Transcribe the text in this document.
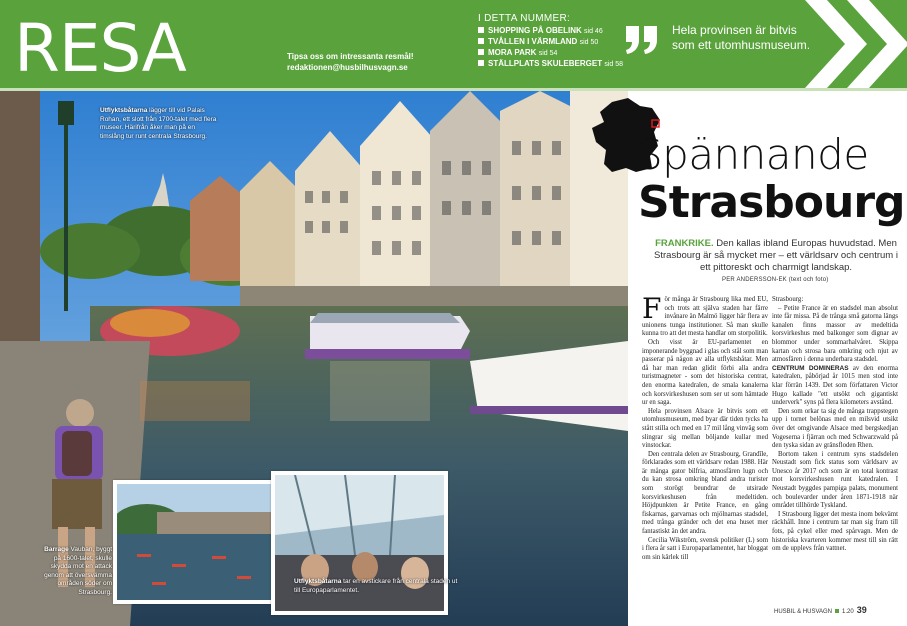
RESA	Tipsa oss om intressanta resmål!
redaktionen@husbilhusvagn.se
I DETTA NUMMER:
SHOPPING PÅ OBELINK sid 46
TVÅLLEN I VÄRMLAND sid 50
MORA PARK sid 54
STÄLLPLATS SKULEBERGET sid 58
Hela provinsen är bitvis som ett utomhusmuseum.
Utflyktsbåtarna lägger till vid Palais Rohan, ett slott från 1700-talet med flera museer. Härifrån åker man på en timslång tur runt centrala Strasbourg.
Barrage Vauban, byggt på 1600-talet, skulle skydda mot en attack genom att översvämma områden söder om Strasbourg.
Utflyktsbåtarna tar en avstickare från centrala staden ut till Europaparlamentet.
Spännande
Strasbourg
FRANKRIKE. Den kallas ibland Europas huvudstad. Men Strasbourg är så mycket mer – ett världsarv och centrum i ett pittoreskt och charmigt landskap.
PER ANDERSSON-EK (text och foto)

För många är Strasbourg lika med EU, och trots att själva staden har färre invånare än Malmö ligger här flera av unionens tunga institutioner. Så man skulle kunna tro att det mesta handlar om storpolitik.

Och visst är EU-parlamentet en imponerande byggnad i glas och stål som man passerar på någon av alla utflyktsbåtar. Men då har man redan glidit förbi alla andra turistmagneter - som det historiska centrat, den enorma katedralen, de smala kanalerna och korsvirkeshusen som ser ut som hämtade ur en saga.

Hela provinsen Alsace är bitvis som ett utomhusmuseum, med byar där tiden tycks ha stått stilla och med en 17 mil lång vinväg som slingrar sig mellan böljande kullar med vinstockar.

Den centrala delen av Strasbourg, Grandîle, förklarades som ett världsarv redan 1988. Här är många gator bilfria, atmosfären lugn och du kan strosa omkring bland andra turister som storögt beundrar de utsirade korsvirkeshusen från medeltiden. Höjdpunkten är Petite France, en gång fiskarnas, garvarnas och mjölnarnas stadsdel, med trånga gränder och det ena huset mer fantastiskt än det andra.

Cecilia Wikström, svensk politiker (L) som i flera år satt i Europaparlamentet, har bloggat om sin kärlek till

Strasbourg:

– Petite France är en stadsdel man absolut inte får missa. På de trånga små gatorna längs kanalen finns massor av medeltida korsvirkeshus med balkonger som dignar av blommor under sommarhalvåret. Skippa kartan och strosa bara omkring och njut av atmosfären i denna underbara stadsdel.

CENTRUM DOMINERAS av den enorma katedralen, påbörjad år 1015 men stod inte klar förrän 1439. Det som författaren Victor Hugo kallade "ett utsökt och gigantiskt underverk" syns på flera kilometers avstånd.

Den som orkar ta sig de många trappstegen upp i tornet belönas med en milsvid utsikt över det omgivande Alsace med bergskedjan Vogeserna i fjärran och med Schwarzwald på den tyska sidan av gränsfloden Rhen.

Bortom taken i centrum syns stadsdelen Neustadt som fick status som världsarv av Unesco år 2017 och som är en total kontrast mot korsvirkeshusen runt katedralen. I Neustadt byggdes pampiga palats, monument och boulevarder under åren 1871-1918 när området tillhörde Tyskland.

I Strasbourg ligger det mesta inom bekvämt räckhåll. Inne i centrum tar man sig fram till fots, på cykel eller med spårvagn. Men de historiska kvarteren kommer mest till sin rätt om de upplevs från vattnet.

HUSBIL & HUSVAGN 1.20 39
